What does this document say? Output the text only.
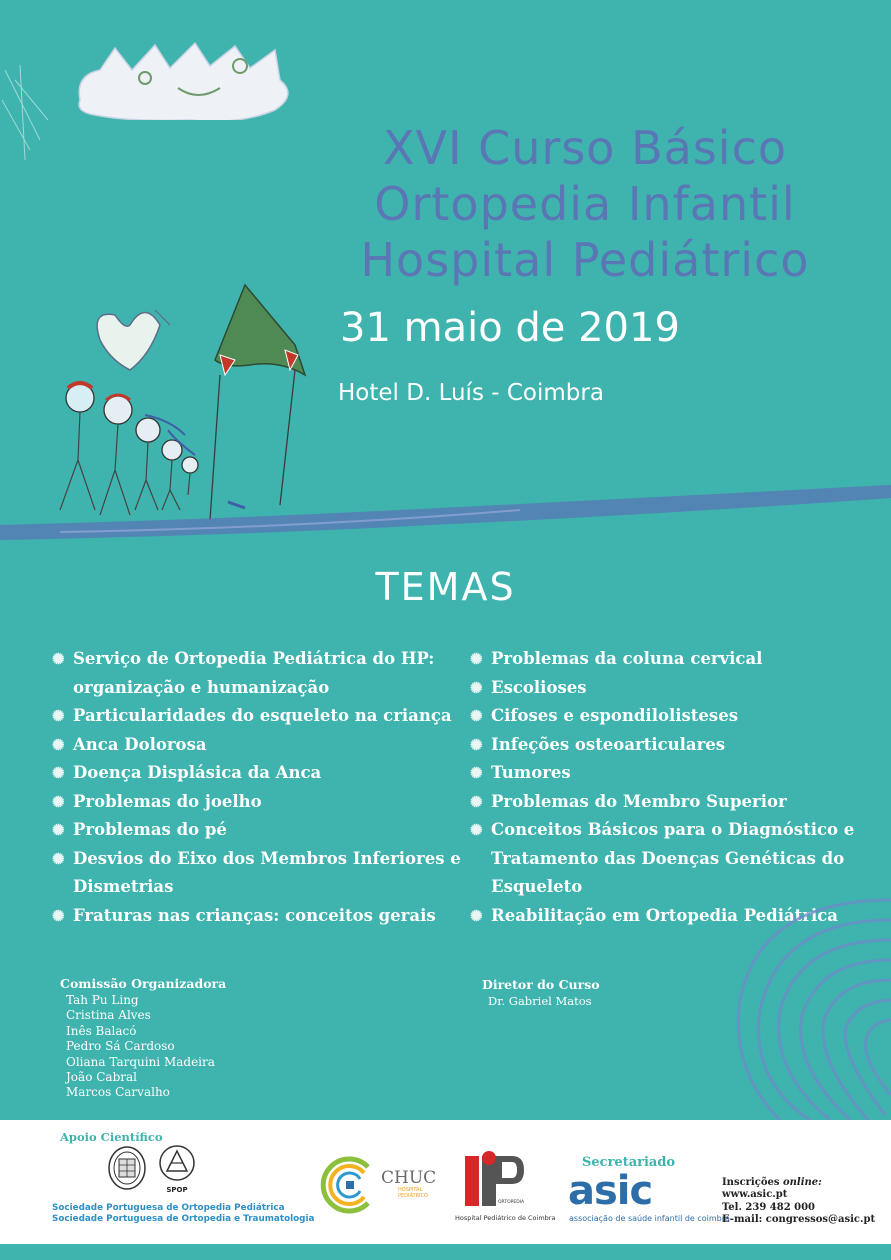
XVI Curso Básico
Ortopedia Infantil
Hospital Pediátrico
31 maio de 2019
Hotel D. Luís - Coimbra
TEMAS
✺ Serviço de Ortopedia Pediátrica do HP: organização e humanização
✺ Particularidades do esqueleto na criança
✺ Anca Dolorosa
✺ Doença Displásica da Anca
✺ Problemas do joelho
✺ Problemas do pé
✺ Desvios do Eixo dos Membros Inferiores e Dismetrias
✺ Fraturas nas crianças: conceitos gerais
✺ Problemas da coluna cervical
✺ Escolioses
✺ Cifoses e espondilolisteses
✺ Infeções osteoarticulares
✺ Tumores
✺ Problemas do Membro Superior
✺ Conceitos Básicos para o Diagnóstico e Tratamento das Doenças Genéticas do Esqueleto
✺ Reabilitação em Ortopedia Pediátrica
Comissão Organizadora
Tah Pu Ling
Cristina Alves
Inês Balacó
Pedro Sá Cardoso
Oliana Tarquini Madeira
João Cabral
Marcos Carvalho
Diretor do Curso
Dr. Gabriel Matos
Apoio Científico
SPOP
Sociedade Portuguesa de Ortopedia Pediátrica
Sociedade Portuguesa de Ortopedia e Traumatologia
CHUC
HOSPITAL
PEDIÁTRICO
ORTOPEDIA
Hospital Pediátrico de Coimbra
Secretariado
asic
associação de saúde infantil de coimbra
Inscrições online:
www.asic.pt
Tel. 239 482 000
E-mail: congressos@asic.pt
